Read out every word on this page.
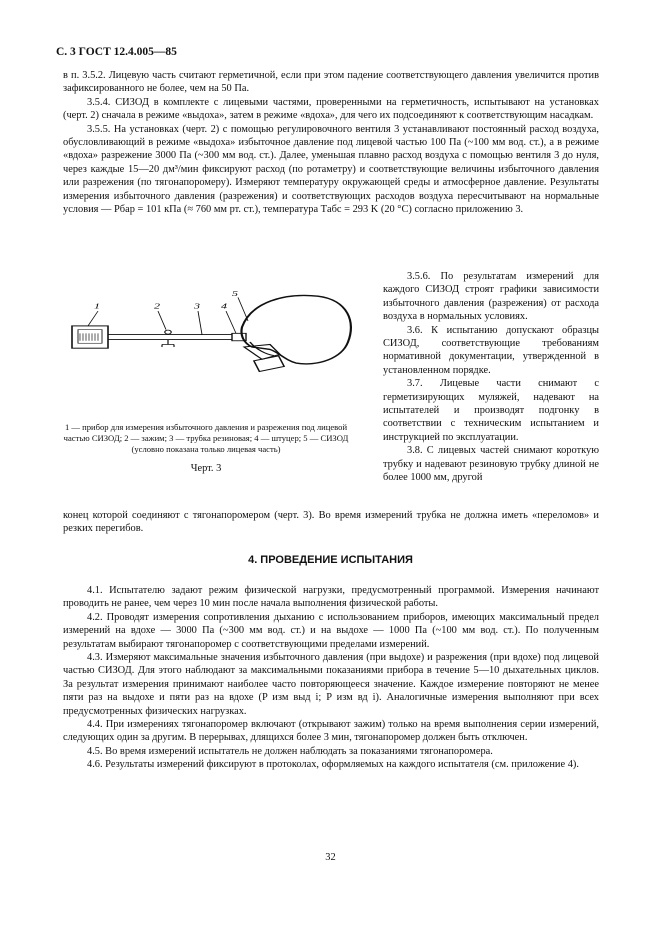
С. 3 ГОСТ 12.4.005—85

в п. 3.5.2. Лицевую часть считают герметичной, если при этом падение соответствующего давления увеличится против зафиксированного не более, чем на 50 Па.

3.5.4. СИЗОД в комплекте с лицевыми частями, проверенными на герметичность, испытывают на установках (черт. 2) сначала в режиме «выдоха», затем в режиме «вдоха», для чего их подсоединяют к соответствующим насадкам.

3.5.5. На установках (черт. 2) с помощью регулировочного вентиля 3 устанавливают постоянный расход воздуха, обусловливающий в режиме «выдоха» избыточное давление под лицевой частью 100 Па (~100 мм вод. ст.), а в режиме «вдоха» разрежение 3000 Па (~300 мм вод. ст.). Далее, уменьшая плавно расход воздуха с помощью вентиля 3 до нуля, через каждые 15—20 дм³/мин фиксируют расход (по ротаметру) и соответствующие величины избыточного давления или разрежения (по тягонапоромеру). Измеряют температуру окружающей среды и атмосферное давление. Результаты измерения избыточного давления (разрежения) и соответствующих расходов воздуха пересчитывают на нормальные условия — Pбар = 101 кПа (≈ 760 мм рт. ст.), температура Tабс = 293 K (20 °C) согласно приложению 3.

1	2	3 4
5
1 — прибор для измерения избыточного давления и разрежения под лицевой частью СИЗОД; 2 — зажим; 3 — трубка резиновая; 4 — штуцер; 5 — СИЗОД (условно показана только лицевая часть)
Черт. 3

3.5.6. По результатам измерений для каждого СИЗОД строят графики зависимости избыточного давления (разрежения) от расхода воздуха в нормальных условиях.

3.6. К испытанию допускают образцы СИЗОД, соответствующие требованиям нормативной документации, утвержденной в установленном порядке.

3.7. Лицевые части снимают с герметизирующих муляжей, надевают на испытателей и производят подгонку в соответствии с техническим испытанием и инструкцией по эксплуатации.

3.8. С лицевых частей снимают короткую трубку и надевают резиновую трубку длиной не более 1000 мм, другой

конец которой соединяют с тягонапоромером (черт. 3). Во время измерений трубка не должна иметь «переломов» и резких перегибов.

4. ПРОВЕДЕНИЕ ИСПЫТАНИЯ

4.1. Испытателю задают режим физической нагрузки, предусмотренный программой. Измерения начинают проводить не ранее, чем через 10 мин после начала выполнения физической работы.

4.2. Проводят измерения сопротивления дыханию с использованием приборов, имеющих максимальный предел измерений на вдохе — 3000 Па (~300 мм вод. ст.) и на выдохе — 1000 Па (~100 мм вод. ст.). По полученным результатам выбирают тягонапоромер с соответствующими пределами измерений.

4.3. Измеряют максимальные значения избыточного давления (при выдохе) и разрежения (при вдохе) под лицевой частью СИЗОД. Для этого наблюдают за максимальными показаниями прибора в течение 5—10 дыхательных циклов. За результат измерения принимают наиболее часто повторяющееся значение. Каждое измерение повторяют не менее пяти раз на выдохе и пяти раз на вдохе (P изм выд i; P изм вд i). Аналогичные измерения выполняют при всех предусмотренных физических нагрузках.

4.4. При измерениях тягонапоромер включают (открывают зажим) только на время выполнения серии измерений, следующих один за другим. В перерывах, длящихся более 3 мин, тягонапоромер должен быть отключен.

4.5. Во время измерений испытатель не должен наблюдать за показаниями тягонапоромера.

4.6. Результаты измерений фиксируют в протоколах, оформляемых на каждого испытателя (см. приложение 4).

32
